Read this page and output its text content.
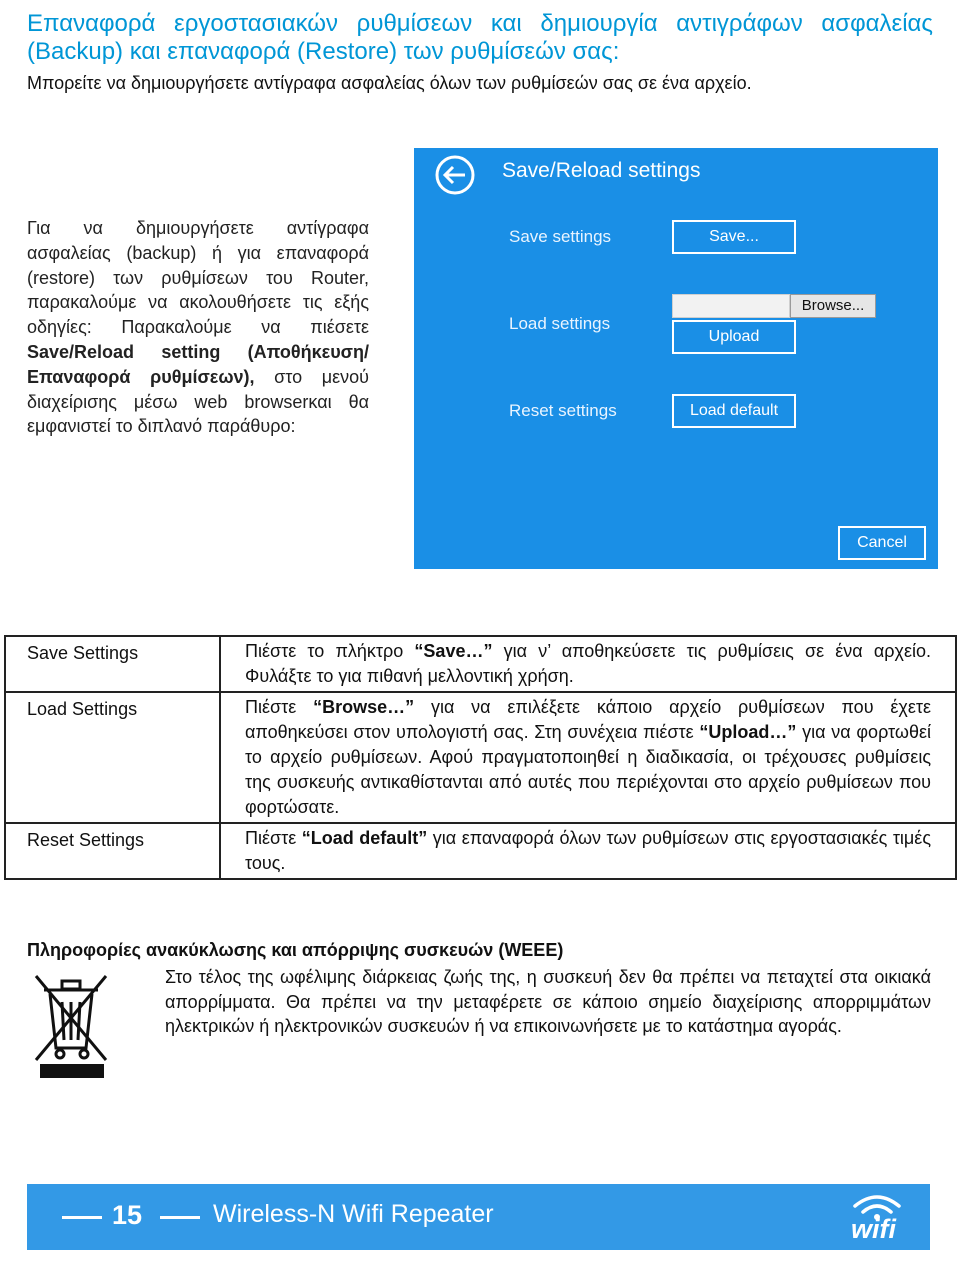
Επαναφορά εργοστασιακών ρυθμίσεων και δημιουργία αντιγράφων ασφαλείας (Backup) και επαναφορά (Restore) των ρυθμίσεών σας:

Μπορείτε να δημιουργήσετε αντίγραφα ασφαλείας όλων των ρυθμίσεών σας σε ένα αρχείο.

Για να δημιουργήσετε αντίγραφα ασφαλείας (backup) ή για επαναφορά (restore) των ρυθμίσεων του Router, παρακαλούμε να ακολουθήσετε τις εξής οδηγίες: Παρακαλούμε να πιέσετε Save/Reload setting (Αποθήκευση/ Επαναφορά ρυθμίσεων), στο μενού διαχείρισης μέσω web browserκαι θα εμφανιστεί το διπλανό παράθυρο:

Save/Reload settings
Save settings	Save...
Load settings
Browse...
Upload
Reset settings	Load default
Cancel
Save Settings	Πιέστε το πλήκτρο “Save…” για ν’ αποθηκεύσετε τις ρυθμίσεις σε ένα αρχείο. Φυλάξτε το για πιθανή μελλοντική χρήση.
Load Settings	Πιέστε “Browse…” για να επιλέξετε κάποιο αρχείο ρυθμίσεων που έχετε αποθηκεύσει στον υπολογιστή σας. Στη συνέχεια πιέστε “Upload…” για να φορτωθεί το αρχείο ρυθμίσεων. Αφού πραγματοποιηθεί η διαδικασία, οι τρέχουσες ρυθμίσεις της συσκευής αντικαθίστανται από αυτές που περιέχονται στο αρχείο ρυθμίσεων που φορτώσατε.
Reset Settings	Πιέστε “Load default” για επαναφορά όλων των ρυθμίσεων στις εργοστασιακές τιμές τους.

Πληροφορίες ανακύκλωσης και απόρριψης συσκευών (WEEE)

Στο τέλος της ωφέλιμης διάρκειας ζωής της, η συσκευή δεν θα πρέπει να πεταχτεί στα οικιακά απορρίμματα. Θα πρέπει να την μεταφέρετε σε κάποιο σημείο διαχείρισης απορριμμάτων ηλεκτρικών ή ηλεκτρονικών συσκευών ή να επικοινωνήσετε με το κατάστημα αγοράς.

15	Wireless-N Wifi Repeater	wifi
